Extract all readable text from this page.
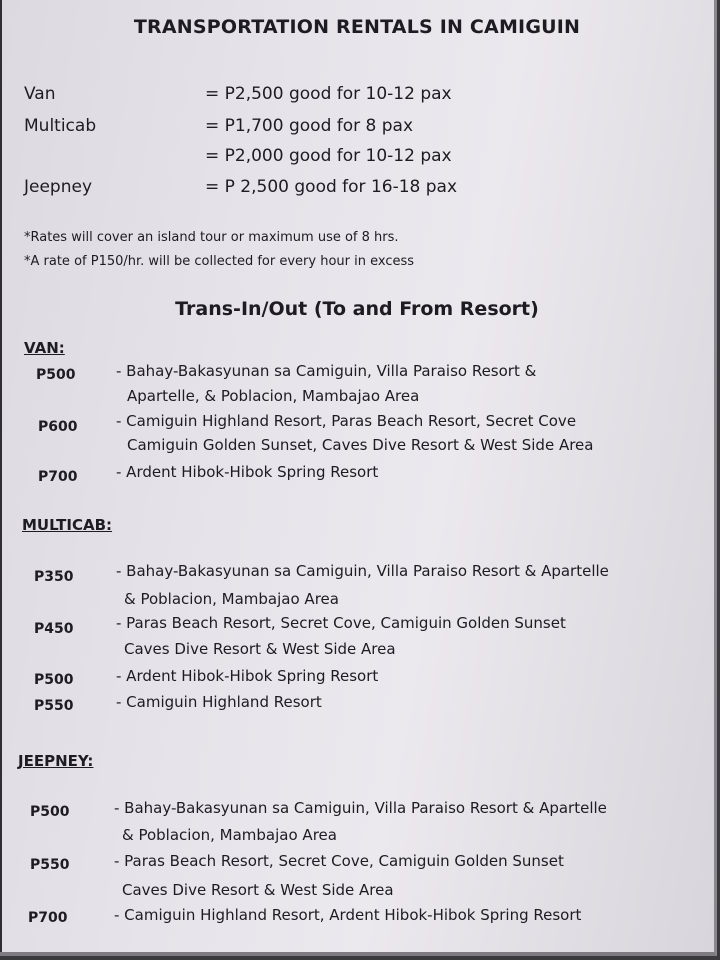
TRANSPORTATION RENTALS IN CAMIGUIN
Van	= P2,500 good for 10-12 pax
Multicab	= P1,700 good for 8 pax
= P2,000 good for 10-12 pax
Jeepney	= P 2,500 good for 16-18 pax
*Rates will cover an island tour or maximum use of 8 hrs.
*A rate of P150/hr. will be collected for every hour in excess
Trans-In/Out (To and From Resort)
VAN:
P500	- Bahay-Bakasyunan sa Camiguin, Villa Paraiso Resort &
Apartelle, & Poblacion, Mambajao Area
P600	- Camiguin Highland Resort, Paras Beach Resort, Secret Cove
Camiguin Golden Sunset, Caves Dive Resort & West Side Area
P700	- Ardent Hibok-Hibok Spring Resort
MULTICAB:
P350	- Bahay-Bakasyunan sa Camiguin, Villa Paraiso Resort & Apartelle
& Poblacion, Mambajao Area
P450	- Paras Beach Resort, Secret Cove, Camiguin Golden Sunset
Caves Dive Resort & West Side Area
P500	- Ardent Hibok-Hibok Spring Resort
P550	- Camiguin Highland Resort
JEEPNEY:
P500	- Bahay-Bakasyunan sa Camiguin, Villa Paraiso Resort & Apartelle
& Poblacion, Mambajao Area
P550	- Paras Beach Resort, Secret Cove, Camiguin Golden Sunset
Caves Dive Resort & West Side Area
P700	- Camiguin Highland Resort, Ardent Hibok-Hibok Spring Resort
